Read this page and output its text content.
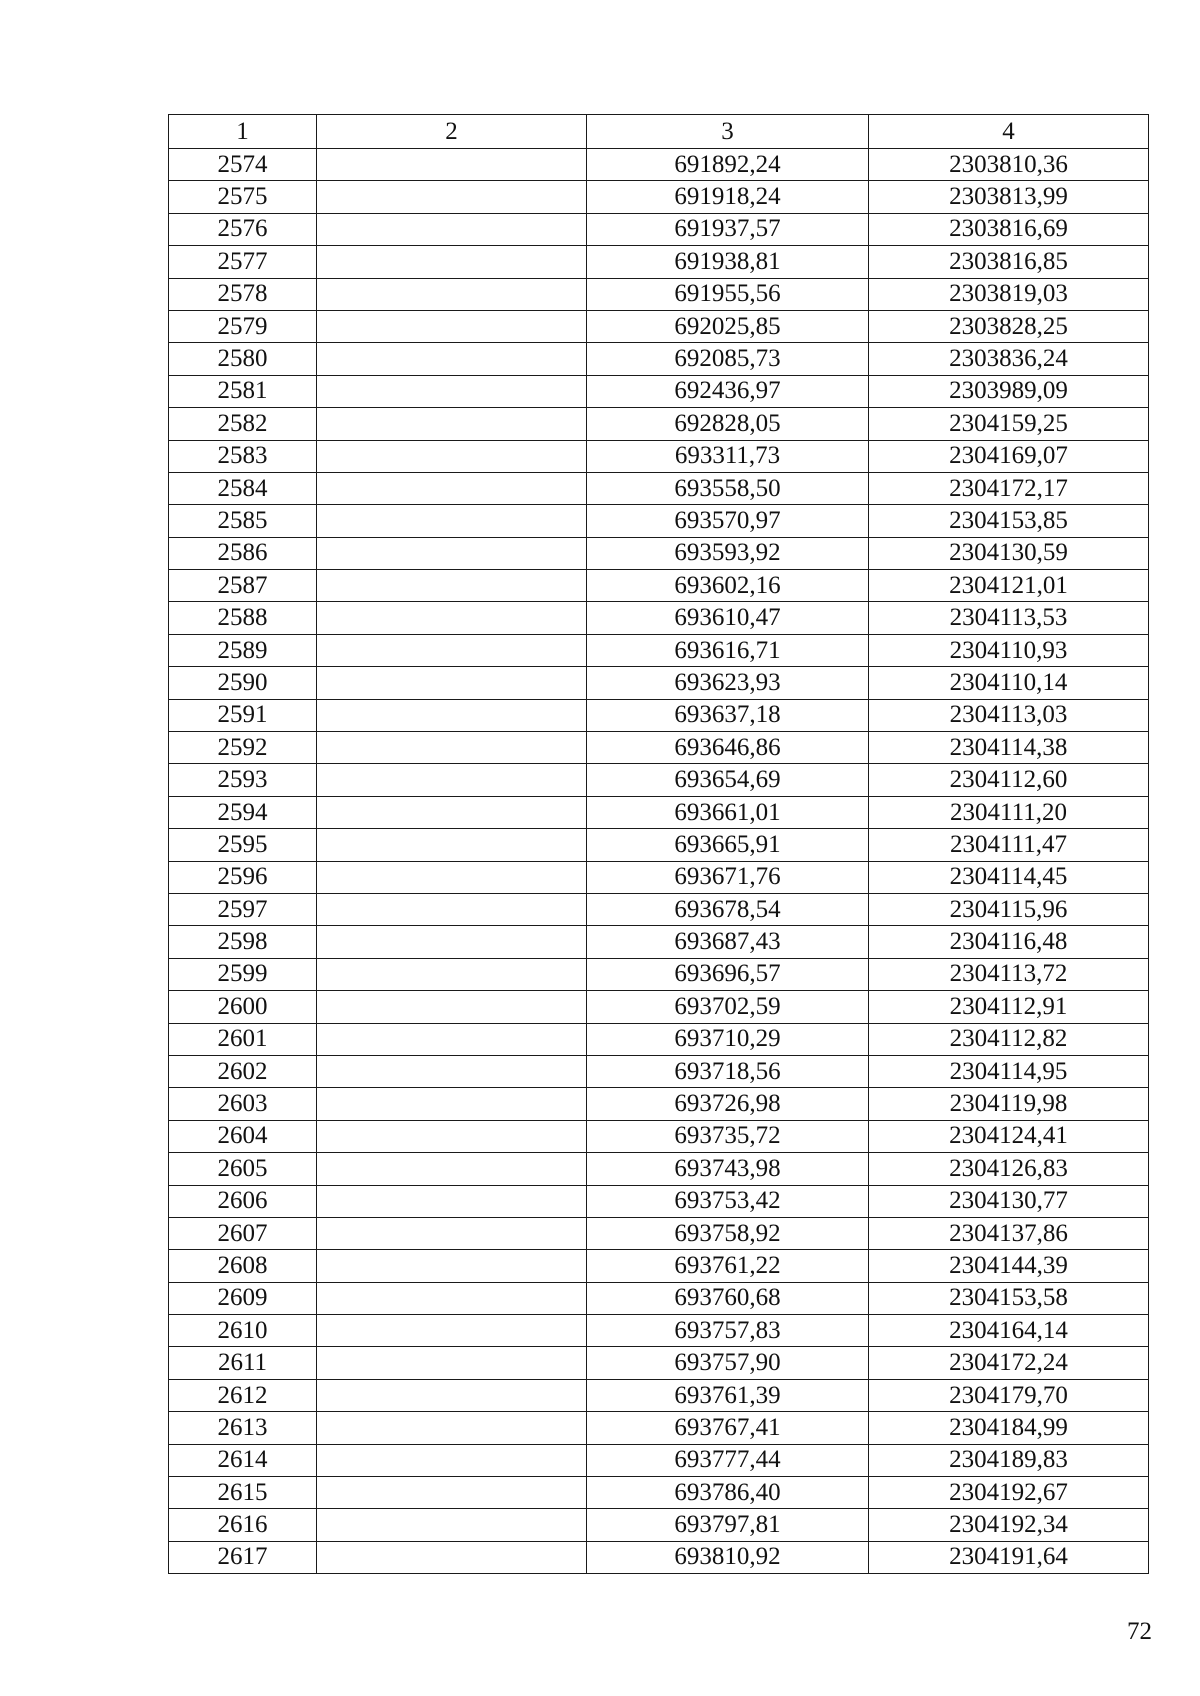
1	2	3	4
2574		691892,24	2303810,36
2575		691918,24	2303813,99
2576		691937,57	2303816,69
2577		691938,81	2303816,85
2578		691955,56	2303819,03
2579		692025,85	2303828,25
2580		692085,73	2303836,24
2581		692436,97	2303989,09
2582		692828,05	2304159,25
2583		693311,73	2304169,07
2584		693558,50	2304172,17
2585		693570,97	2304153,85
2586		693593,92	2304130,59
2587		693602,16	2304121,01
2588		693610,47	2304113,53
2589		693616,71	2304110,93
2590		693623,93	2304110,14
2591		693637,18	2304113,03
2592		693646,86	2304114,38
2593		693654,69	2304112,60
2594		693661,01	2304111,20
2595		693665,91	2304111,47
2596		693671,76	2304114,45
2597		693678,54	2304115,96
2598		693687,43	2304116,48
2599		693696,57	2304113,72
2600		693702,59	2304112,91
2601		693710,29	2304112,82
2602		693718,56	2304114,95
2603		693726,98	2304119,98
2604		693735,72	2304124,41
2605		693743,98	2304126,83
2606		693753,42	2304130,77
2607		693758,92	2304137,86
2608		693761,22	2304144,39
2609		693760,68	2304153,58
2610		693757,83	2304164,14
2611		693757,90	2304172,24
2612		693761,39	2304179,70
2613		693767,41	2304184,99
2614		693777,44	2304189,83
2615		693786,40	2304192,67
2616		693797,81	2304192,34
2617		693810,92	2304191,64
72
